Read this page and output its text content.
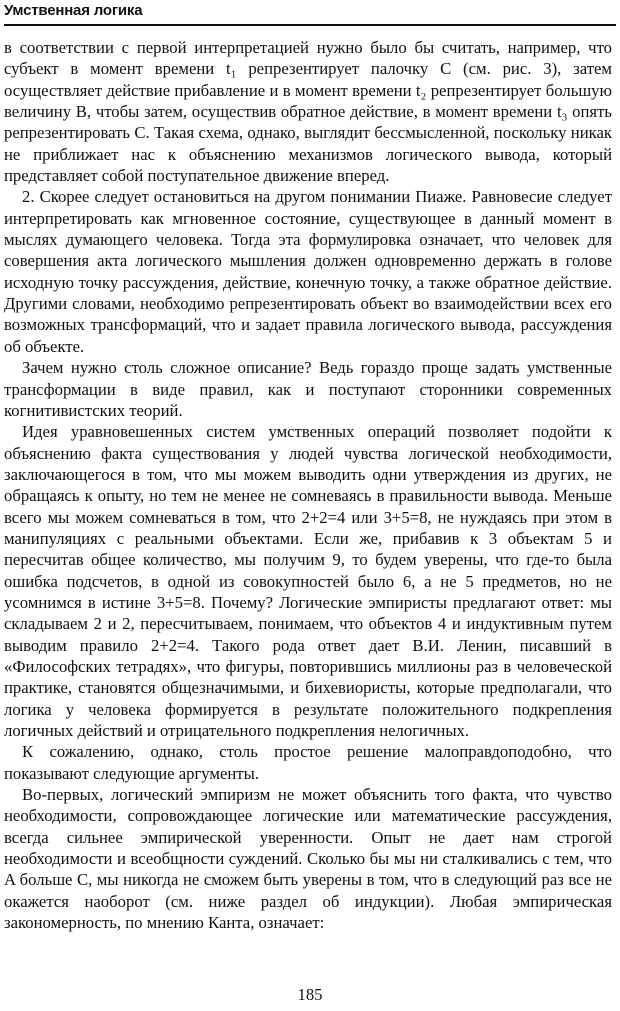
Умственная логика

в соответствии с первой интерпретацией нужно было бы считать, например, что субъект в момент времени t₁ репрезентирует палочку C (см. рис. 3), затем осуществляет действие прибавление и в момент времени t₂ репрезентирует большую величину B, чтобы затем, осуществив обратное действие, в момент времени t₃ опять репрезентировать C. Такая схема, однако, выглядит бессмысленной, поскольку никак не приближает нас к объяснению механизмов логического вывода, который представляет собой поступательное движение вперед.

2. Скорее следует остановиться на другом понимании Пиаже. Равновесие следует интерпретировать как мгновенное состояние, существующее в данный момент в мыслях думающего человека. Тогда эта формулировка означает, что человек для совершения акта логического мышления должен одновременно держать в голове исходную точку рассуждения, действие, конечную точку, а также обратное действие. Другими словами, необходимо репрезентировать объект во взаимодействии всех его возможных трансформаций, что и задает правила логического вывода, рассуждения об объекте.

Зачем нужно столь сложное описание? Ведь гораздо проще задать умственные трансформации в виде правил, как и поступают сторонники современных когнитивистских теорий.

Идея уравновешенных систем умственных операций позволяет подойти к объяснению факта существования у людей чувства логической необходимости, заключающегося в том, что мы можем выводить одни утверждения из других, не обращаясь к опыту, но тем не менее не сомневаясь в правильности вывода. Меньше всего мы можем сомневаться в том, что 2+2=4 или 3+5=8, не нуждаясь при этом в манипуляциях с реальными объектами. Если же, прибавив к 3 объектам 5 и пересчитав общее количество, мы получим 9, то будем уверены, что где-то была ошибка подсчетов, в одной из совокупностей было 6, а не 5 предметов, но не усомнимся в истине 3+5=8. Почему? Логические эмпиристы предлагают ответ: мы складываем 2 и 2, пересчитываем, понимаем, что объектов 4 и индуктивным путем выводим правило 2+2=4. Такого рода ответ дает В.И. Ленин, писавший в «Философских тетрадях», что фигуры, повторившись миллионы раз в человеческой практике, становятся общезначимыми, и бихевиористы, которые предполагали, что логика у человека формируется в результате положительного подкрепления логичных действий и отрицательного подкрепления нелогичных.

К сожалению, однако, столь простое решение малоправдоподобно, что показывают следующие аргументы.

Во-первых, логический эмпиризм не может объяснить того факта, что чувство необходимости, сопровождающее логические или математические рассуждения, всегда сильнее эмпирической уверенности. Опыт не дает нам строгой необходимости и всеобщности суждений. Сколько бы мы ни сталкивались с тем, что A больше C, мы никогда не сможем быть уверены в том, что в следующий раз все не окажется наоборот (см. ниже раздел об индукции). Любая эмпирическая закономерность, по мнению Канта, означает:

185
